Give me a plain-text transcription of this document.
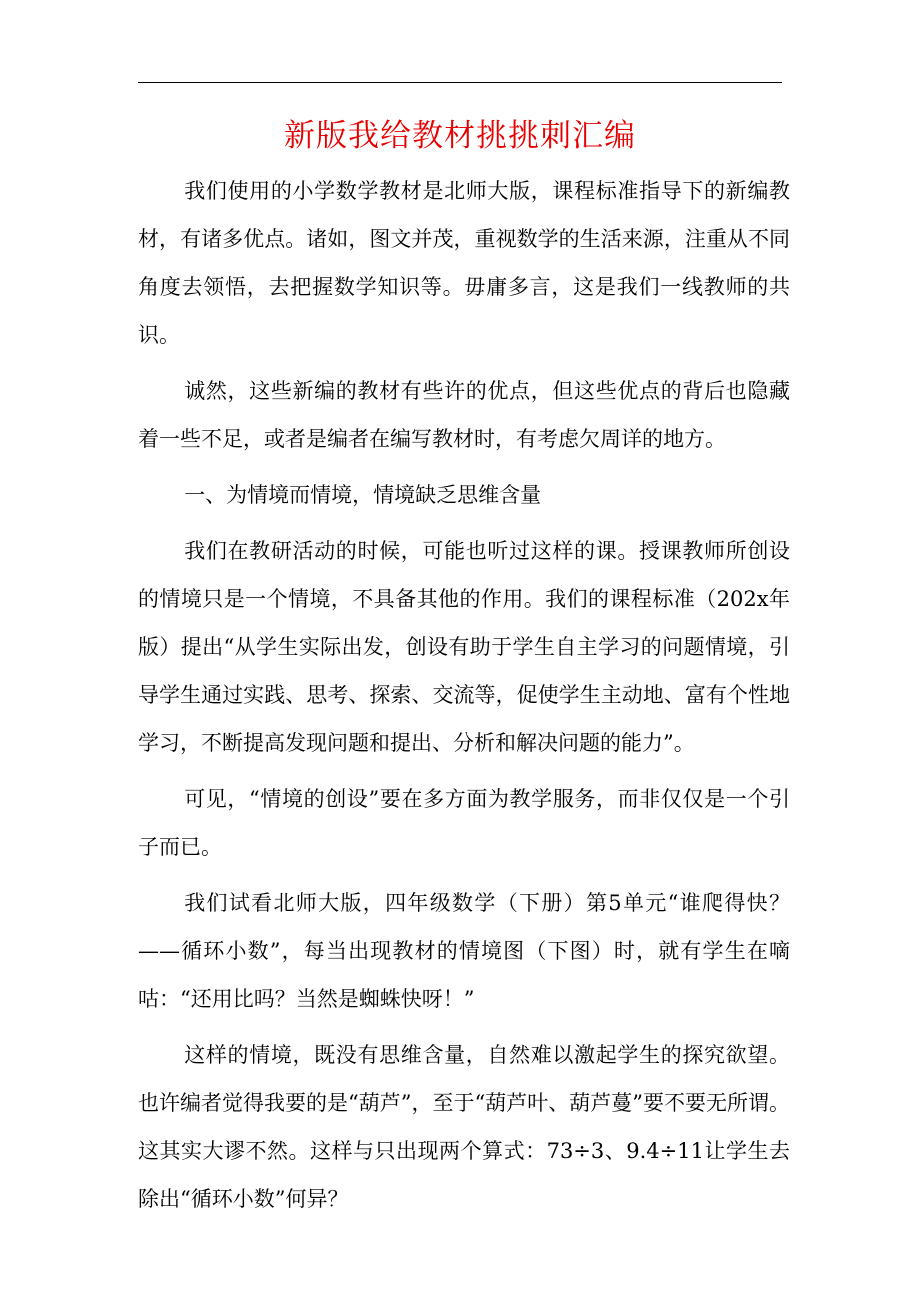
新版我给教材挑挑刺汇编

我们使用的小学数学教材是北师大版，课程标准指导下的新编教材，有诸多优点。诸如，图文并茂，重视数学的生活来源，注重从不同角度去领悟，去把握数学知识等。毋庸多言，这是我们一线教师的共识。

诚然，这些新编的教材有些许的优点，但这些优点的背后也隐藏着一些不足，或者是编者在编写教材时，有考虑欠周详的地方。

一、为情境而情境，情境缺乏思维含量

我们在教研活动的时候，可能也听过这样的课。授课教师所创设的情境只是一个情境，不具备其他的作用。我们的课程标准（202x年版）提出“从学生实际出发，创设有助于学生自主学习的问题情境，引导学生通过实践、思考、探索、交流等，促使学生主动地、富有个性地学习，不断提高发现问题和提出、分析和解决问题的能力”。

可见，“情境的创设”要在多方面为教学服务，而非仅仅是一个引子而已。

我们试看北师大版，四年级数学（下册）第5单元“谁爬得快？——循环小数”，每当出现教材的情境图（下图）时，就有学生在嘀咕：“还用比吗？当然是蜘蛛快呀！”

这样的情境，既没有思维含量，自然难以激起学生的探究欲望。也许编者觉得我要的是“葫芦”，至于“葫芦叶、葫芦蔓”要不要无所谓。这其实大谬不然。这样与只出现两个算式：73÷3、9.4÷11让学生去除出“循环小数”何异？
